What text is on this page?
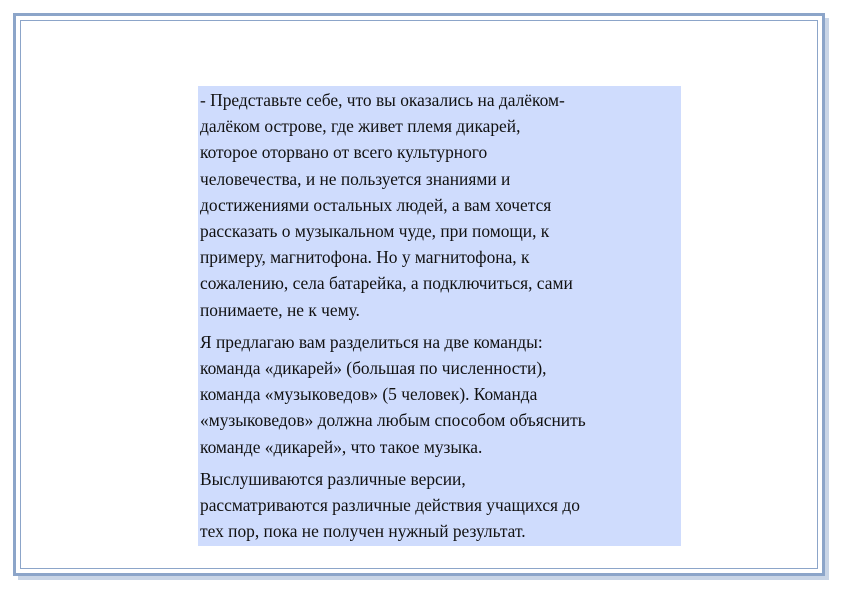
- Представьте себе, что вы оказались на далёком-
далёком острове, где живет племя дикарей,
которое оторвано от всего культурного
человечества, и не пользуется знаниями и
достижениями остальных людей, а вам хочется
рассказать о музыкальном чуде, при помощи, к
примеру, магнитофона. Но у магнитофона, к
сожалению, села батарейка, а подключиться, сами
понимаете, не к чему.

Я предлагаю вам разделиться на две команды:
команда «дикарей» (большая по численности),
команда «музыковедов» (5 человек). Команда
«музыковедов» должна любым способом объяснить
команде «дикарей», что такое музыка.

Выслушиваются различные версии,
рассматриваются различные действия учащихся до
тех пор, пока не получен нужный результат.
